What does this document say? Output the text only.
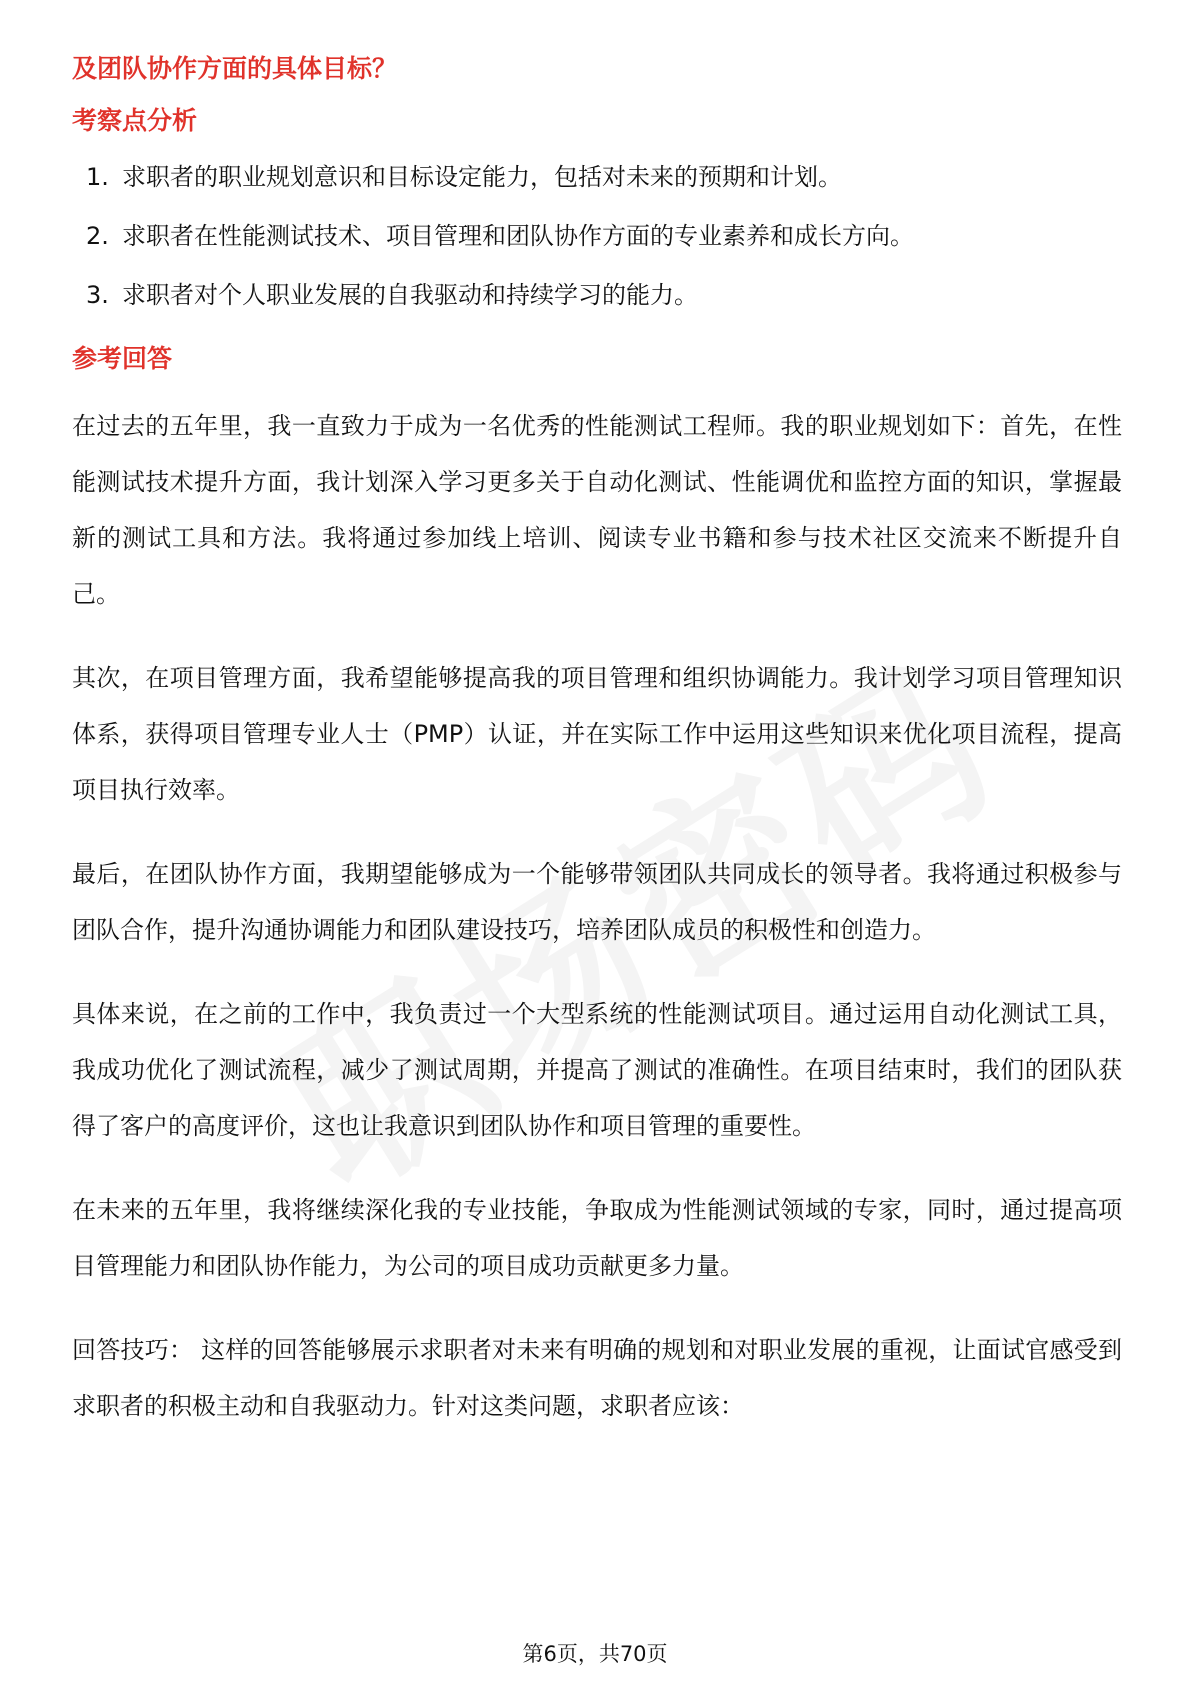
及团队协作方面的具体目标？
考察点分析
1. 求职者的职业规划意识和目标设定能力，包括对未来的预期和计划。
2. 求职者在性能测试技术、项目管理和团队协作方面的专业素养和成长方向。
3. 求职者对个人职业发展的自我驱动和持续学习的能力。
参考回答

在过去的五年里，我一直致力于成为一名优秀的性能测试工程师。我的职业规划如下：首先，在性能测试技术提升方面，我计划深入学习更多关于自动化测试、性能调优和监控方面的知识，掌握最新的测试工具和方法。我将通过参加线上培训、阅读专业书籍和参与技术社区交流来不断提升自己。

其次，在项目管理方面，我希望能够提高我的项目管理和组织协调能力。我计划学习项目管理知识体系，获得项目管理专业人士（PMP）认证，并在实际工作中运用这些知识来优化项目流程，提高项目执行效率。

最后，在团队协作方面，我期望能够成为一个能够带领团队共同成长的领导者。我将通过积极参与团队合作，提升沟通协调能力和团队建设技巧，培养团队成员的积极性和创造力。

具体来说，在之前的工作中，我负责过一个大型系统的性能测试项目。通过运用自动化测试工具，我成功优化了测试流程，减少了测试周期，并提高了测试的准确性。在项目结束时，我们的团队获得了客户的高度评价，这也让我意识到团队协作和项目管理的重要性。

在未来的五年里，我将继续深化我的专业技能，争取成为性能测试领域的专家，同时，通过提高项目管理能力和团队协作能力，为公司的项目成功贡献更多力量。

回答技巧： 这样的回答能够展示求职者对未来有明确的规划和对职业发展的重视，让面试官感受到求职者的积极主动和自我驱动力。针对这类问题，求职者应该：

第6页，共70页
